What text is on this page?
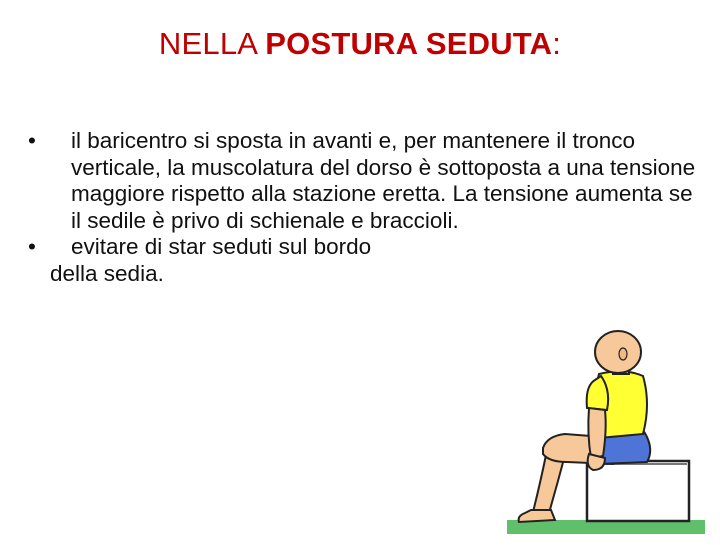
NELLA POSTURA SEDUTA:

• il baricentro si sposta in avanti e, per mantenere il tronco verticale, la muscolatura del dorso è sottoposta a una tensione maggiore rispetto alla stazione eretta. La tensione aumenta se il sedile è privo di schienale e braccioli.

• evitare di star seduti sul bordo

della sedia.
